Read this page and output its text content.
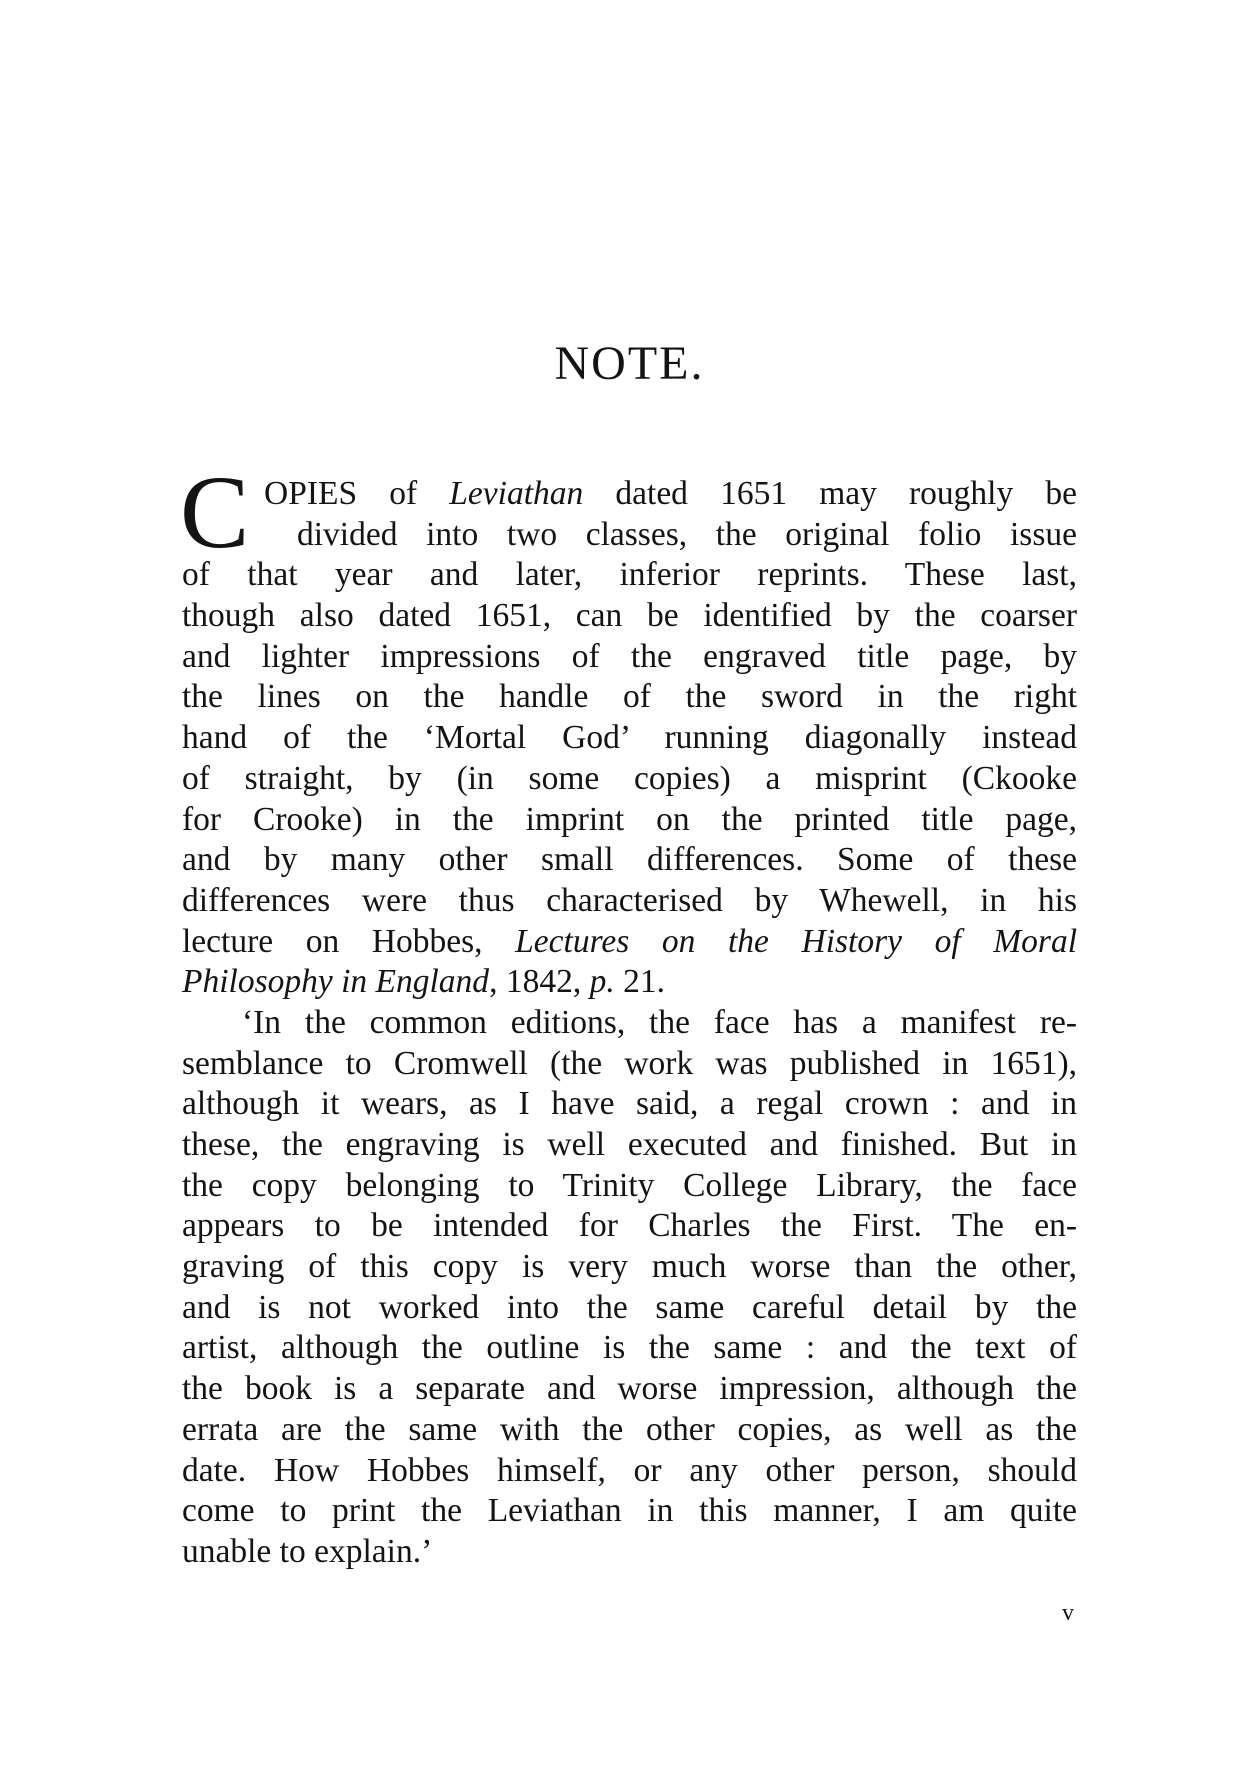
NOTE.
C OPIES of Leviathan dated 1651 may roughly be
divided into two classes, the original folio issue
of that year and later, inferior reprints. These last,
though also dated 1651, can be identified by the coarser
and lighter impressions of the engraved title page, by
the lines on the handle of the sword in the right
hand of the ‘Mortal God’ running diagonally instead
of straight, by (in some copies) a misprint (Ckooke
for Crooke) in the imprint on the printed title page,
and by many other small differences. Some of these
differences were thus characterised by Whewell, in his
lecture on Hobbes, Lectures on the History of Moral
Philosophy in England, 1842, p. 21.
‘In the common editions, the face has a manifest re-
semblance to Cromwell (the work was published in 1651),
although it wears, as I have said, a regal crown : and in
these, the engraving is well executed and finished. But in
the copy belonging to Trinity College Library, the face
appears to be intended for Charles the First. The en-
graving of this copy is very much worse than the other,
and is not worked into the same careful detail by the
artist, although the outline is the same : and the text of
the book is a separate and worse impression, although the
errata are the same with the other copies, as well as the
date. How Hobbes himself, or any other person, should
come to print the Leviathan in this manner, I am quite
unable to explain.’
v
